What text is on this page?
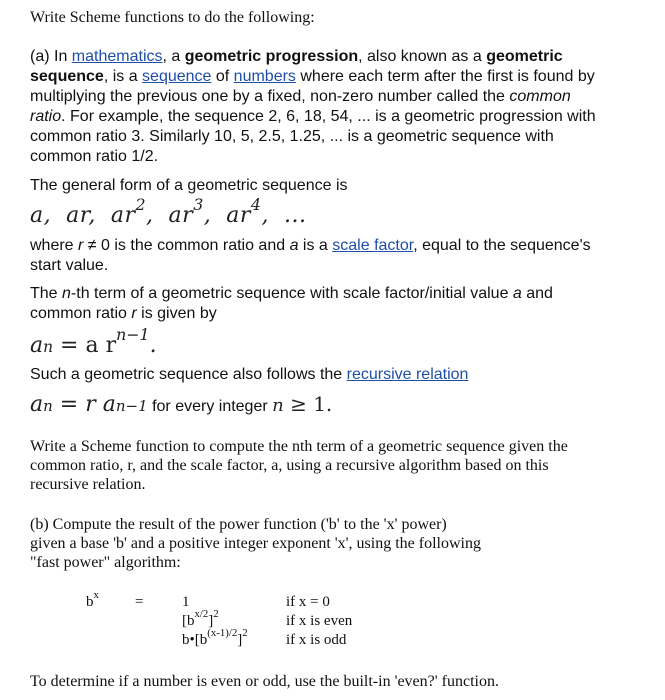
Write Scheme functions to do the following:
(a) In mathematics, a geometric progression, also known as a geometric
sequence, is a sequence of numbers where each term after the first is found by
multiplying the previous one by a fixed, non-zero number called the common
ratio. For example, the sequence 2, 6, 18, 54, ... is a geometric progression with
common ratio 3. Similarly 10, 5, 2.5, 1.25, ... is a geometric sequence with
common ratio 1/2.
The general form of a geometric sequence is
a, ar, $ar^2$, $ar^3$, $ar^4$, ...
where r ≠ 0 is the common ratio and a is a scale factor, equal to the sequence's
start value.
The n-th term of a geometric sequence with scale factor/initial value a and
common ratio r is given by
an = a $r^{n-1}$.
Such a geometric sequence also follows the recursive relation
an = r an−1 for every integer n ≥ 1.
Write a Scheme function to compute the nth term of a geometric sequence given the
common ratio, r, and the scale factor, a, using a recursive algorithm based on this
recursive relation.
(b) Compute the result of the power function ('b' to the 'x' power)
given a base 'b' and a positive integer exponent 'x', using the following
"fast power" algorithm:
$b^x$ =	1	if x = 0
$[b^{x/2}]^2$	if x is even
$b•[b^{(x-1)/2}]^2$	if x is odd
To determine if a number is even or odd, use the built-in 'even?' function.
